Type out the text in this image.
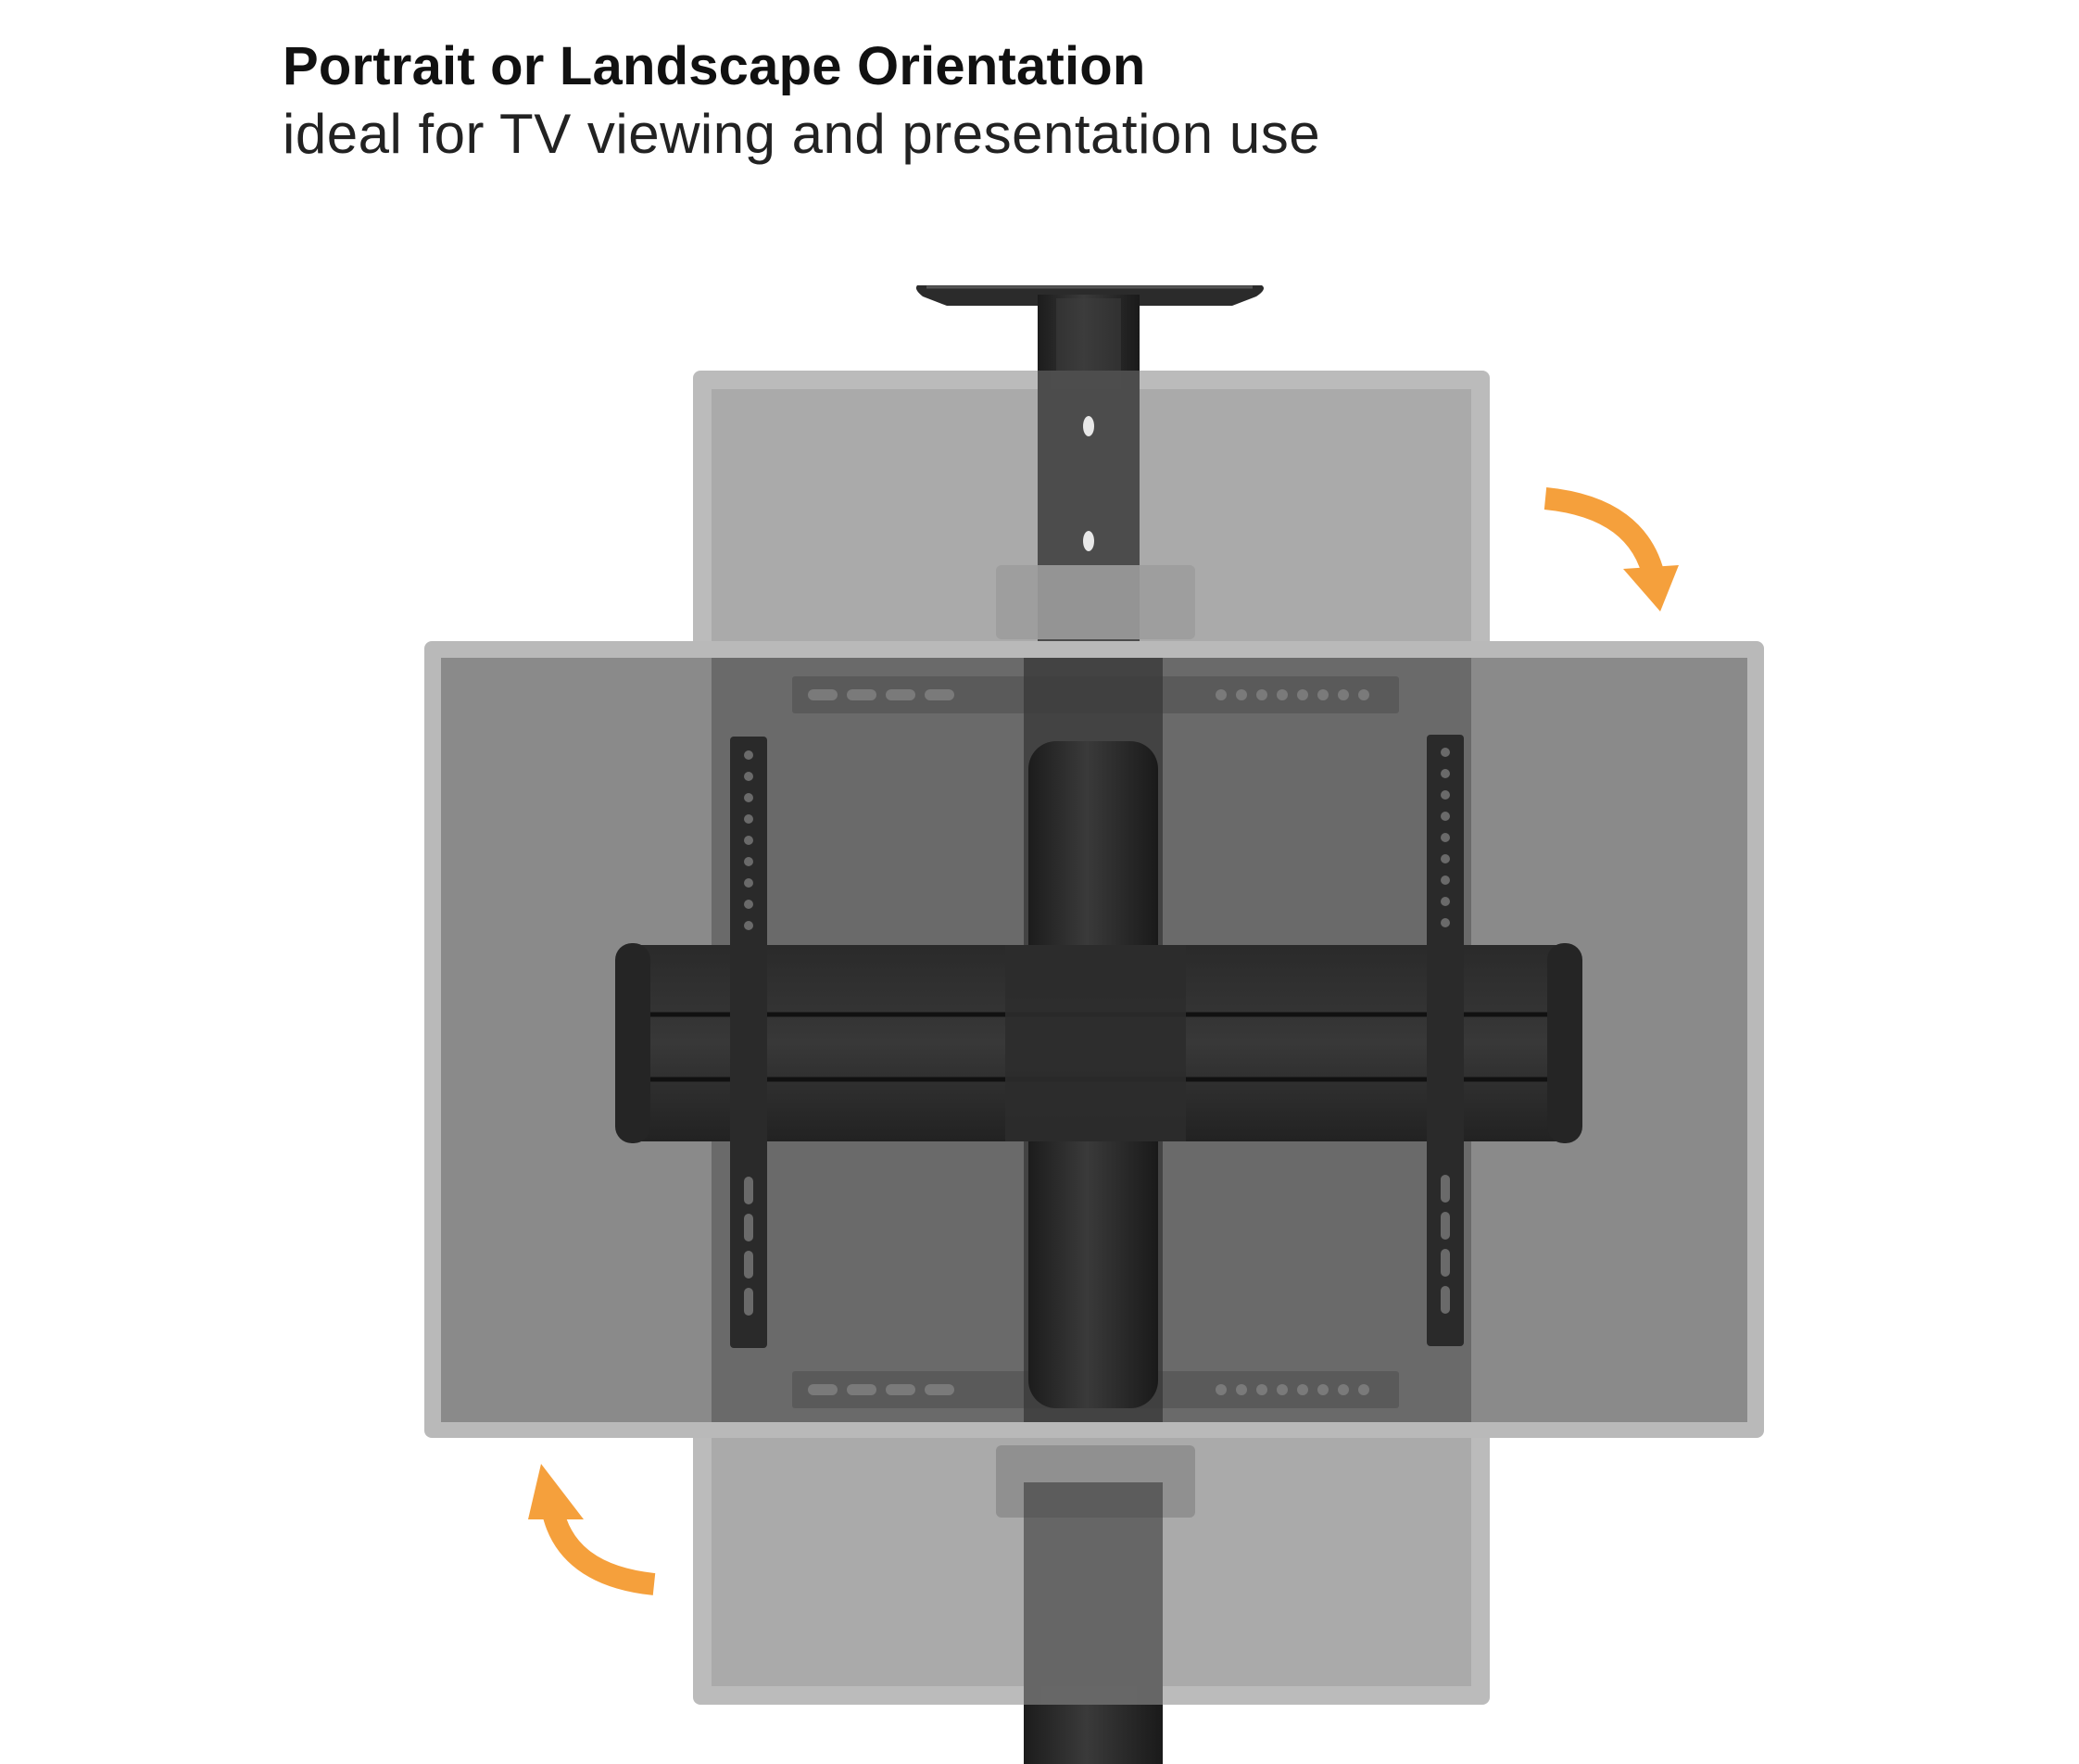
Portrait or Landscape Orientation

ideal for TV viewing and presentation use
